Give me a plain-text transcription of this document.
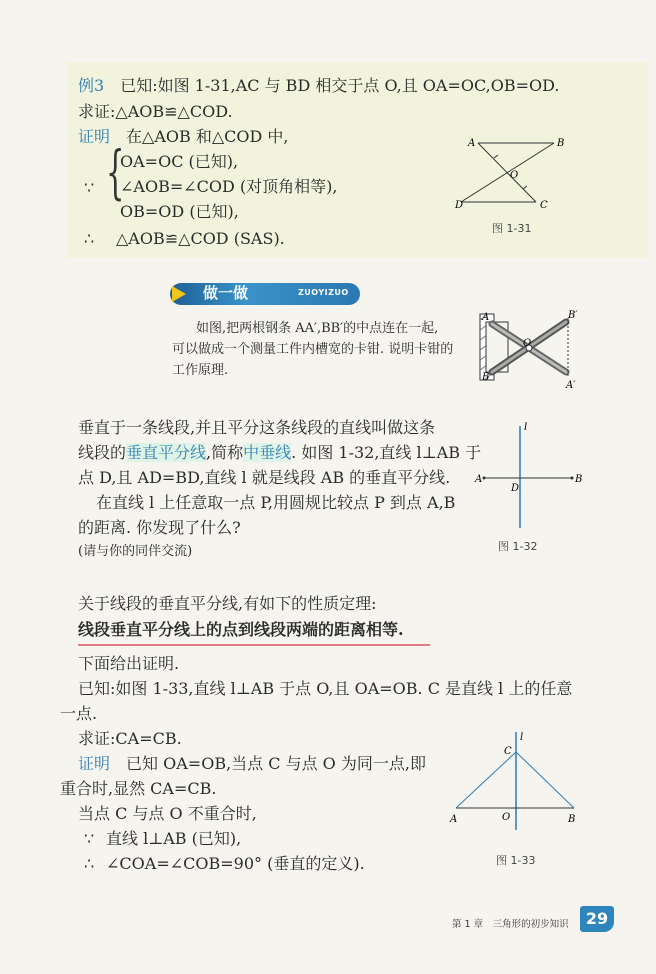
例3　 已知:如图 1-31,AC 与 BD 相交于点 O,且 OA=OC,OB=OD.
求证:△AOB≌△COD.
证明　 在△AOB 和△COD 中,
∵ {
OA=OC (已知),
∠AOB=∠COD (对顶角相等),
OB=OD (已知),
∴ △AOB≌△COD (SAS).
A	B
O
C
D
图 1-31
做一做	ZUOYIZUO
如图,把两根钢条 AA′,BB′的中点连在一起,
可以做成一个测量工件内槽宽的卡钳. 说明卡钳的
工作原理.
A
B
B′
A′
O
垂直于一条线段,并且平分这条线段的直线叫做这条
线段的垂直平分线,简称中垂线. 如图 1-32,直线 l⊥AB 于
点 D,且 AD=BD,直线 l 就是线段 AB 的垂直平分线.
在直线 l 上任意取一点 P,用圆规比较点 P 到点 A,B
的距离. 你发现了什么?
(请与你的同伴交流)
l
A	B
D
图 1-32
关于线段的垂直平分线,有如下的性质定理:
线段垂直平分线上的点到线段两端的距离相等.
下面给出证明.
已知:如图 1-33,直线 l⊥AB 于点 O,且 OA=OB. C 是直线 l 上的任意
一点.
求证:CA=CB.
证明　 已知 OA=OB,当点 C 与点 O 为同一点,即
重合时,显然 CA=CB.
当点 C 与点 O 不重合时,
∵ 直线 l⊥AB (已知),
∴ ∠COA=∠COB=90° (垂直的定义).
l
C
A	O	B
图 1-33
第 1 章　三角形的初步知识	29
